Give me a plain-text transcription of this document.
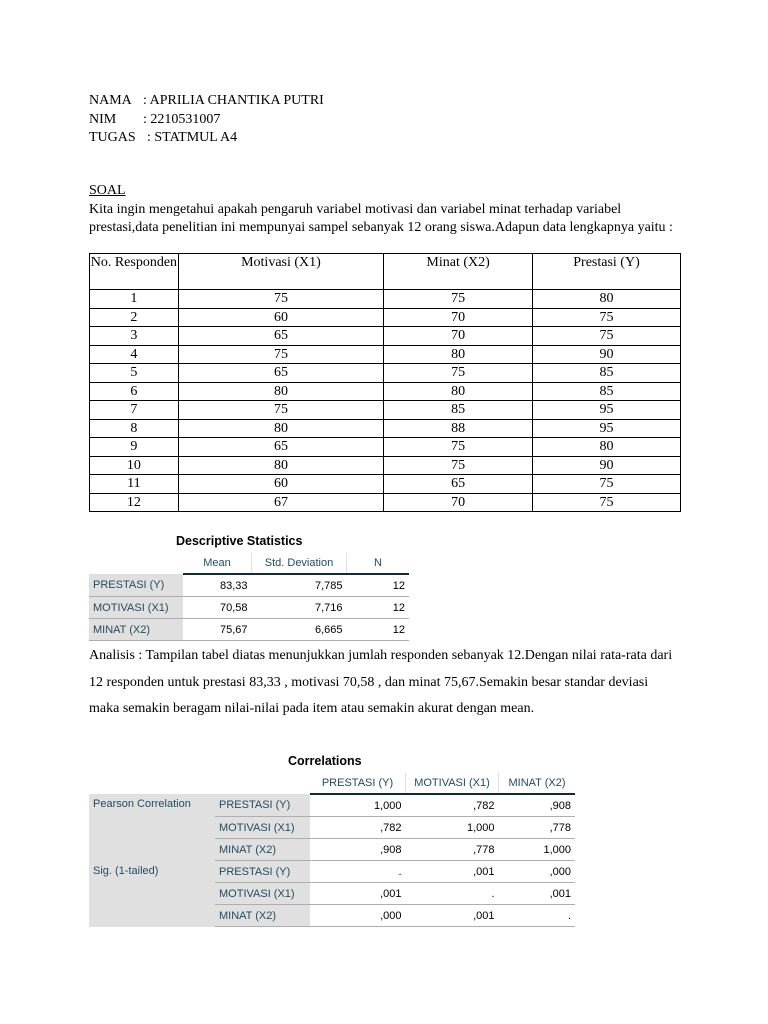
NAMA : APRILIA CHANTIKA PUTRI
NIM	: 2210531007
TUGAS : STATMUL A4
SOAL
Kita ingin mengetahui apakah pengaruh variabel motivasi dan variabel minat terhadap variabel prestasi,data penelitian ini mempunyai sampel sebanyak 12 orang siswa.Adapun data lengkapnya yaitu :
No. Responden	Motivasi (X1)	Minat (X2)	Prestasi (Y)
1	75	75	80
2	60	70	75
3	65	70	75
4	75	80	90
5	65	75	85
6	80	80	85
7	75	85	95
8	80	88	95
9	65	75	80
10	80	75	90
11	60	65	75
12	67	70	75
Descriptive Statistics
	Mean	Std. Deviation	N
PRESTASI (Y)	83,33	7,785	12
MOTIVASI (X1)	70,58	7,716	12
MINAT (X2)	75,67	6,665	12
Analisis : Tampilan tabel diatas menunjukkan jumlah responden sebanyak 12.Dengan nilai rata-rata dari 12 responden untuk prestasi 83,33 , motivasi 70,58 , dan minat 75,67.Semakin besar standar deviasi maka semakin beragam nilai-nilai pada item atau semakin akurat dengan mean.
Correlations
		PRESTASI (Y)	MOTIVASI (X1)	MINAT (X2)
Pearson Correlation	PRESTASI (Y)	1,000	,782	,908
	MOTIVASI (X1)	,782	1,000	,778
	MINAT (X2)	,908	,778	1,000
Sig. (1-tailed)	PRESTASI (Y)	.	,001	,000
	MOTIVASI (X1)	,001	.	,001
	MINAT (X2)	,000	,001	.
